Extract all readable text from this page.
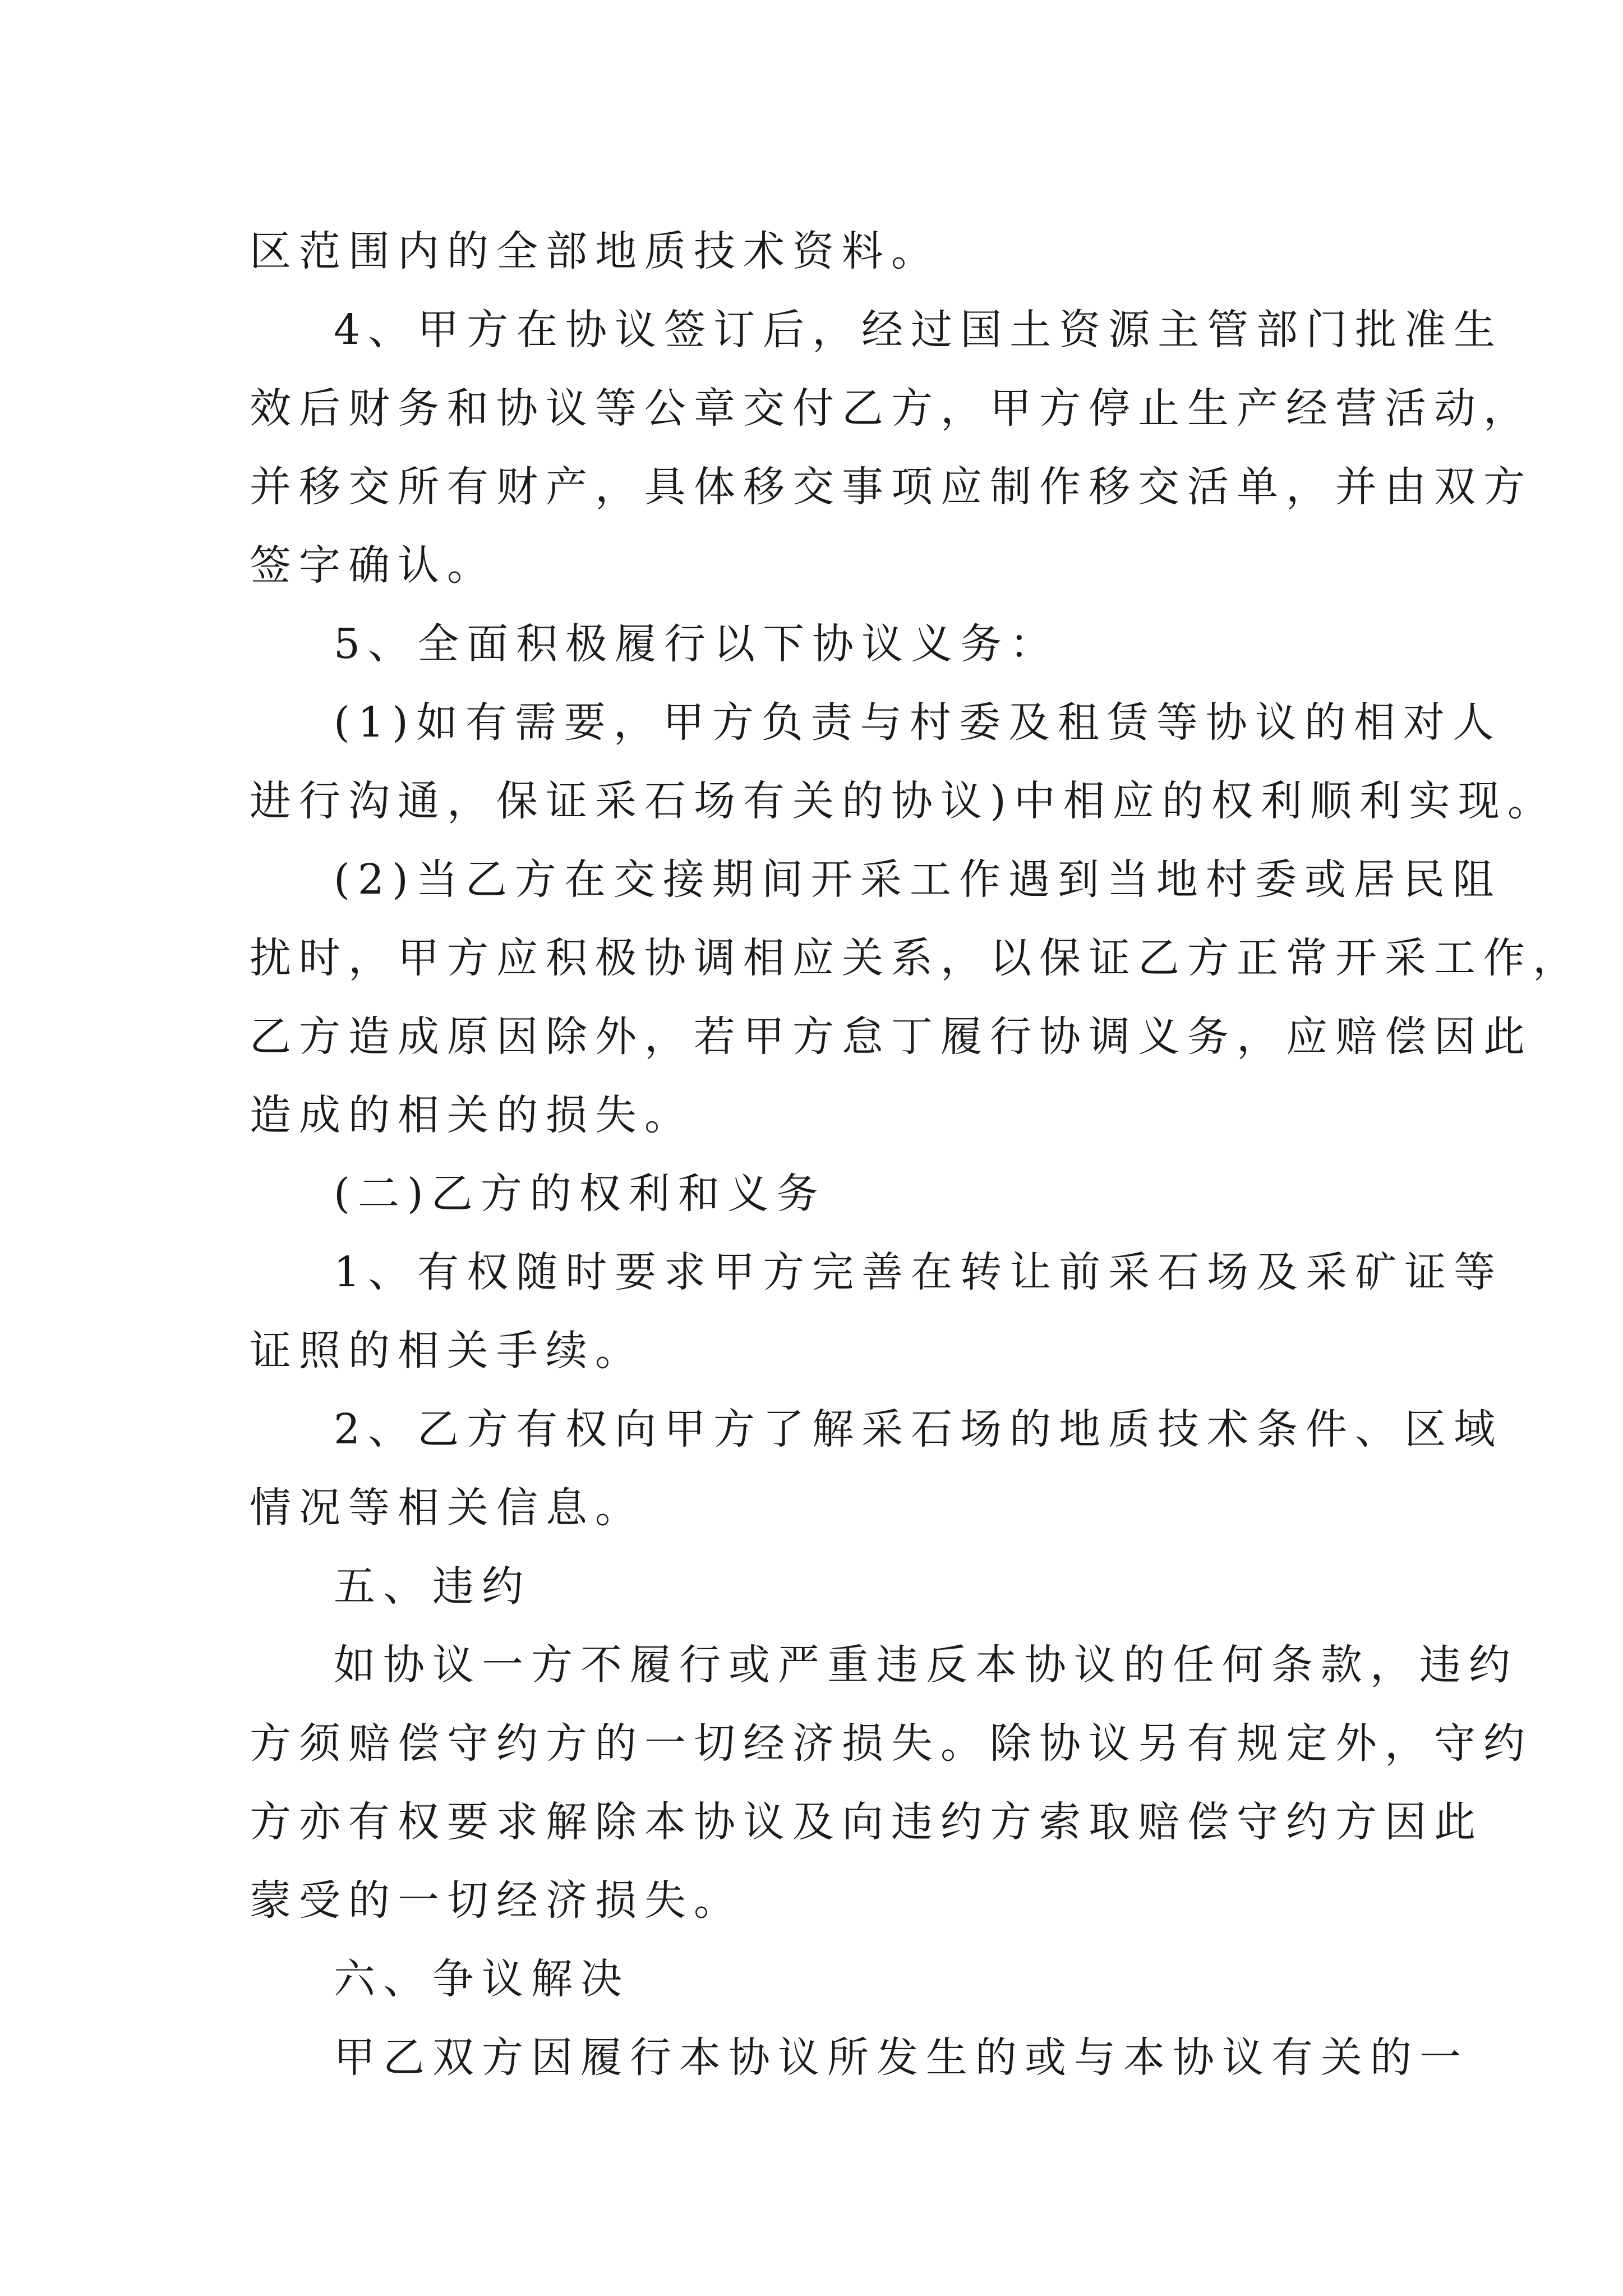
区范围内的全部地质技术资料。
4、甲方在协议签订后，经过国土资源主管部门批准生
效后财务和协议等公章交付乙方，甲方停止生产经营活动，
并移交所有财产，具体移交事项应制作移交活单，并由双方
签字确认。
5、全面积极履行以下协议义务：
(1)如有需要，甲方负责与村委及租赁等协议的相对人
进行沟通，保证采石场有关的协议)中相应的权利顺利实现。
(2)当乙方在交接期间开采工作遇到当地村委或居民阻
扰时，甲方应积极协调相应关系，以保证乙方正常开采工作，
乙方造成原因除外，若甲方怠丁履行协调义务，应赔偿因此
造成的相关的损失。
(二)乙方的权利和义务
1、有权随时要求甲方完善在转让前采石场及采矿证等
证照的相关手续。
2、乙方有权向甲方了解采石场的地质技术条件、区域
情况等相关信息。
五、违约
如协议一方不履行或严重违反本协议的任何条款，违约
方须赔偿守约方的一切经济损失。除协议另有规定外，守约
方亦有权要求解除本协议及向违约方索取赔偿守约方因此
蒙受的一切经济损失。
六、争议解决
甲乙双方因履行本协议所发生的或与本协议有关的一
